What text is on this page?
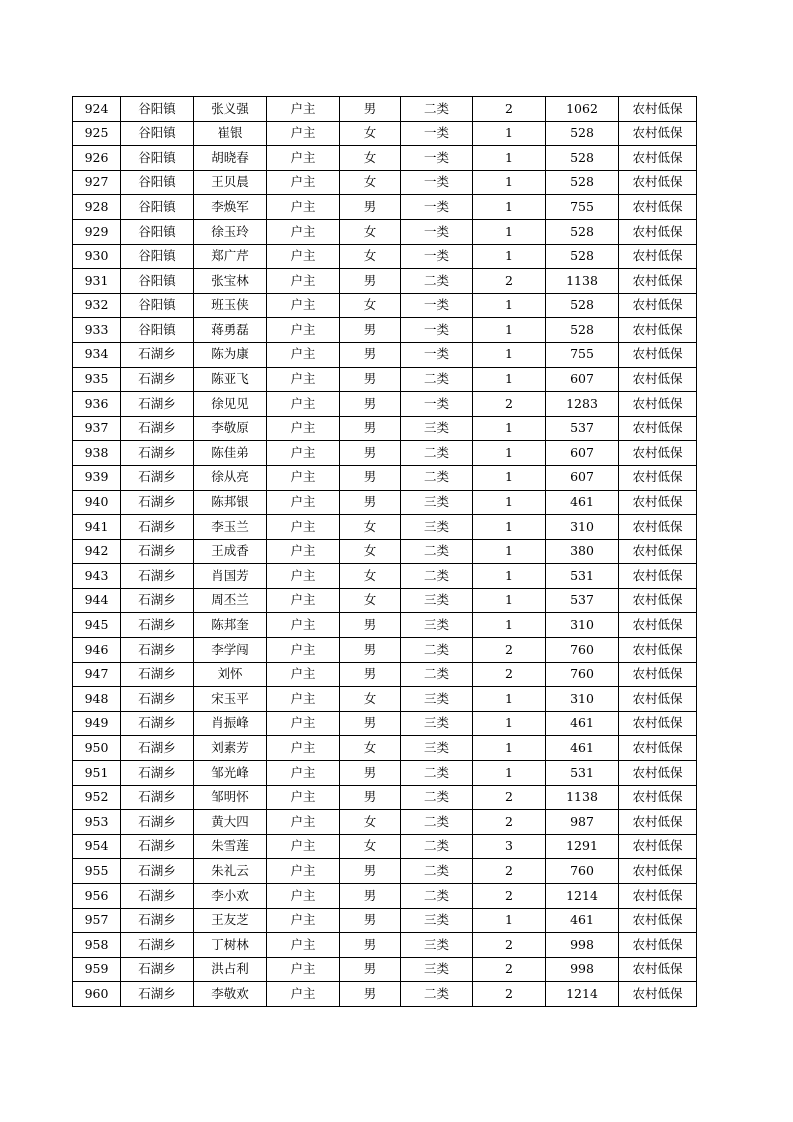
924	谷阳镇	张义强	户主	男	二类	2	1062	农村低保
925	谷阳镇	崔银	户主	女	一类	1	528	农村低保
926	谷阳镇	胡晓春	户主	女	一类	1	528	农村低保
927	谷阳镇	王贝晨	户主	女	一类	1	528	农村低保
928	谷阳镇	李焕军	户主	男	一类	1	755	农村低保
929	谷阳镇	徐玉玲	户主	女	一类	1	528	农村低保
930	谷阳镇	郑广芹	户主	女	一类	1	528	农村低保
931	谷阳镇	张宝林	户主	男	二类	2	1138	农村低保
932	谷阳镇	班玉侠	户主	女	一类	1	528	农村低保
933	谷阳镇	蒋勇磊	户主	男	一类	1	528	农村低保
934	石湖乡	陈为康	户主	男	一类	1	755	农村低保
935	石湖乡	陈亚飞	户主	男	二类	1	607	农村低保
936	石湖乡	徐见见	户主	男	一类	2	1283	农村低保
937	石湖乡	李敬原	户主	男	三类	1	537	农村低保
938	石湖乡	陈佳弟	户主	男	二类	1	607	农村低保
939	石湖乡	徐从亮	户主	男	二类	1	607	农村低保
940	石湖乡	陈邦银	户主	男	三类	1	461	农村低保
941	石湖乡	李玉兰	户主	女	三类	1	310	农村低保
942	石湖乡	王成香	户主	女	二类	1	380	农村低保
943	石湖乡	肖国芳	户主	女	二类	1	531	农村低保
944	石湖乡	周丕兰	户主	女	三类	1	537	农村低保
945	石湖乡	陈邦奎	户主	男	三类	1	310	农村低保
946	石湖乡	李学闯	户主	男	二类	2	760	农村低保
947	石湖乡	刘怀	户主	男	二类	2	760	农村低保
948	石湖乡	宋玉平	户主	女	三类	1	310	农村低保
949	石湖乡	肖振峰	户主	男	三类	1	461	农村低保
950	石湖乡	刘素芳	户主	女	三类	1	461	农村低保
951	石湖乡	邹光峰	户主	男	二类	1	531	农村低保
952	石湖乡	邹明怀	户主	男	二类	2	1138	农村低保
953	石湖乡	黄大四	户主	女	二类	2	987	农村低保
954	石湖乡	朱雪莲	户主	女	二类	3	1291	农村低保
955	石湖乡	朱礼云	户主	男	二类	2	760	农村低保
956	石湖乡	李小欢	户主	男	二类	2	1214	农村低保
957	石湖乡	王友芝	户主	男	三类	1	461	农村低保
958	石湖乡	丁树林	户主	男	三类	2	998	农村低保
959	石湖乡	洪占利	户主	男	三类	2	998	农村低保
960	石湖乡	李敬欢	户主	男	二类	2	1214	农村低保
